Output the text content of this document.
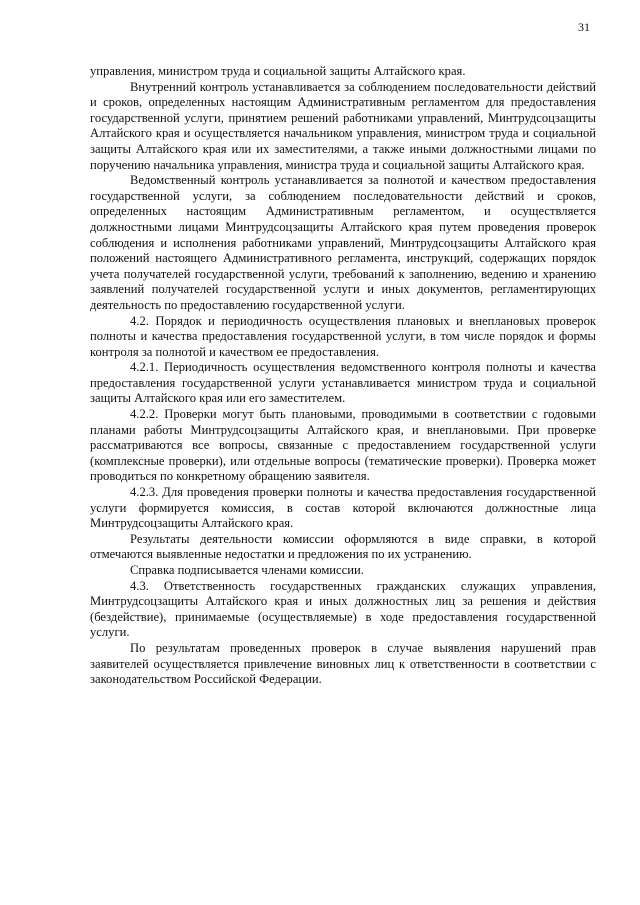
31

управления, министром труда и социальной защиты Алтайского края.

Внутренний контроль устанавливается за соблюдением последовательности действий и сроков, определенных настоящим Административным регламентом для предоставления государственной услуги, принятием решений работниками управлений, Минтрудсоцзащиты Алтайского края и осуществляется начальником управления, министром труда и социальной защиты Алтайского края или их заместителями, а также иными должностными лицами по поручению начальника управления, министра труда и социальной защиты Алтайского края.

Ведомственный контроль устанавливается за полнотой и качеством предоставления государственной услуги, за соблюдением последовательности действий и сроков, определенных настоящим Административным регламентом, и осуществляется должностными лицами Минтрудсоцзащиты Алтайского края путем проведения проверок соблюдения и исполнения работниками управлений, Минтрудсоцзащиты Алтайского края положений настоящего Административного регламента, инструкций, содержащих порядок учета получателей государственной услуги, требований к заполнению, ведению и хранению заявлений получателей государственной услуги и иных документов, регламентирующих деятельность по предоставлению государственной услуги.

4.2. Порядок и периодичность осуществления плановых и внеплановых проверок полноты и качества предоставления государственной услуги, в том числе порядок и формы контроля за полнотой и качеством ее предоставления.

4.2.1. Периодичность осуществления ведомственного контроля полноты и качества предоставления государственной услуги устанавливается министром труда и социальной защиты Алтайского края или его заместителем.

4.2.2. Проверки могут быть плановыми, проводимыми в соответствии с годовыми планами работы Минтрудсоцзащиты Алтайского края, и внеплановыми. При проверке рассматриваются все вопросы, связанные с предоставлением государственной услуги (комплексные проверки), или отдельные вопросы (тематические проверки). Проверка может проводиться по конкретному обращению заявителя.

4.2.3. Для проведения проверки полноты и качества предоставления государственной услуги формируется комиссия, в состав которой включаются должностные лица Минтрудсоцзащиты Алтайского края.

Результаты деятельности комиссии оформляются в виде справки, в которой отмечаются выявленные недостатки и предложения по их устранению.

Справка подписывается членами комиссии.

4.3. Ответственность государственных гражданских служащих управления, Минтрудсоцзащиты Алтайского края и иных должностных лиц за решения и действия (бездействие), принимаемые (осуществляемые) в ходе предоставления государственной услуги.

По результатам проведенных проверок в случае выявления нарушений прав заявителей осуществляется привлечение виновных лиц к ответственности в соответствии с законодательством Российской Федерации.
